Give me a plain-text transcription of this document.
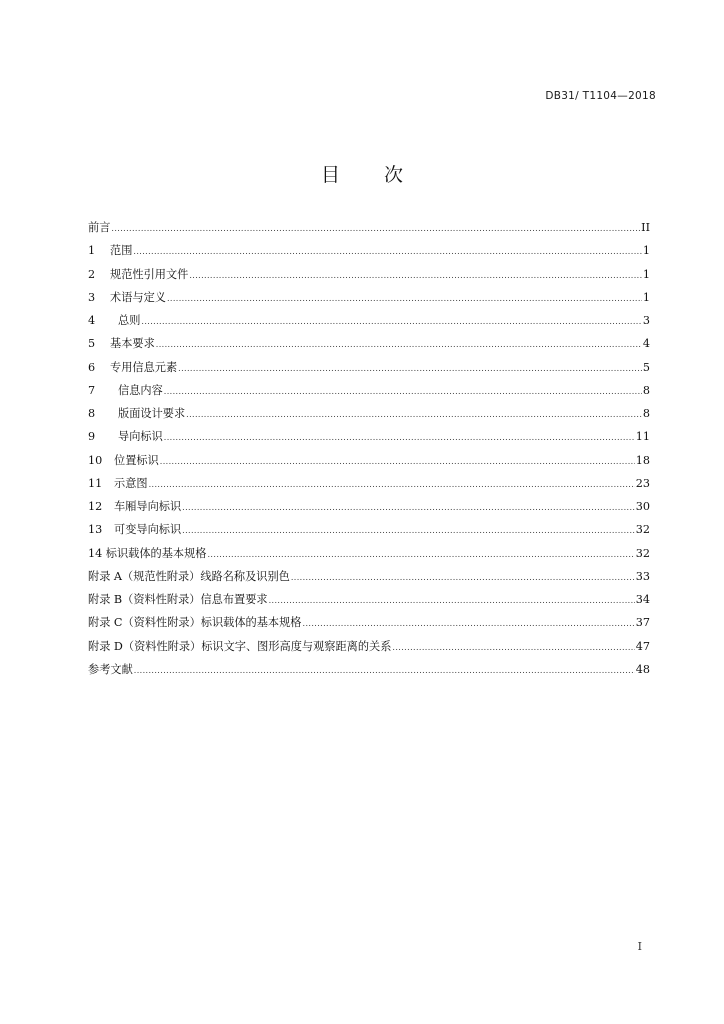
DB31/ T1104—2018
目 次
前言 .....	II
1	范围 .....	1
2	规范性引用文件 .....	1
3	术语与定义 .....	1
4	总则 .....	3
5	基本要求 .....	4
6	专用信息元素 .....	5
7	信息内容 .....	8
8	版面设计要求 .....	8
9	导向标识 .....	11
10	位置标识 .....	18
11	示意图 .....	23
12	车厢导向标识 .....	30
13	可变导向标识 .....	32
14 标识载体的基本规格 .....	32
附录 A（规范性附录）线路名称及识别色 .....	33
附录 B（资料性附录）信息布置要求 .....	34
附录 C（资料性附录）标识载体的基本规格 .....	37
附录 D（资料性附录）标识文字、图形高度与观察距离的关系 .....	47
参考文献 .....	48
I
